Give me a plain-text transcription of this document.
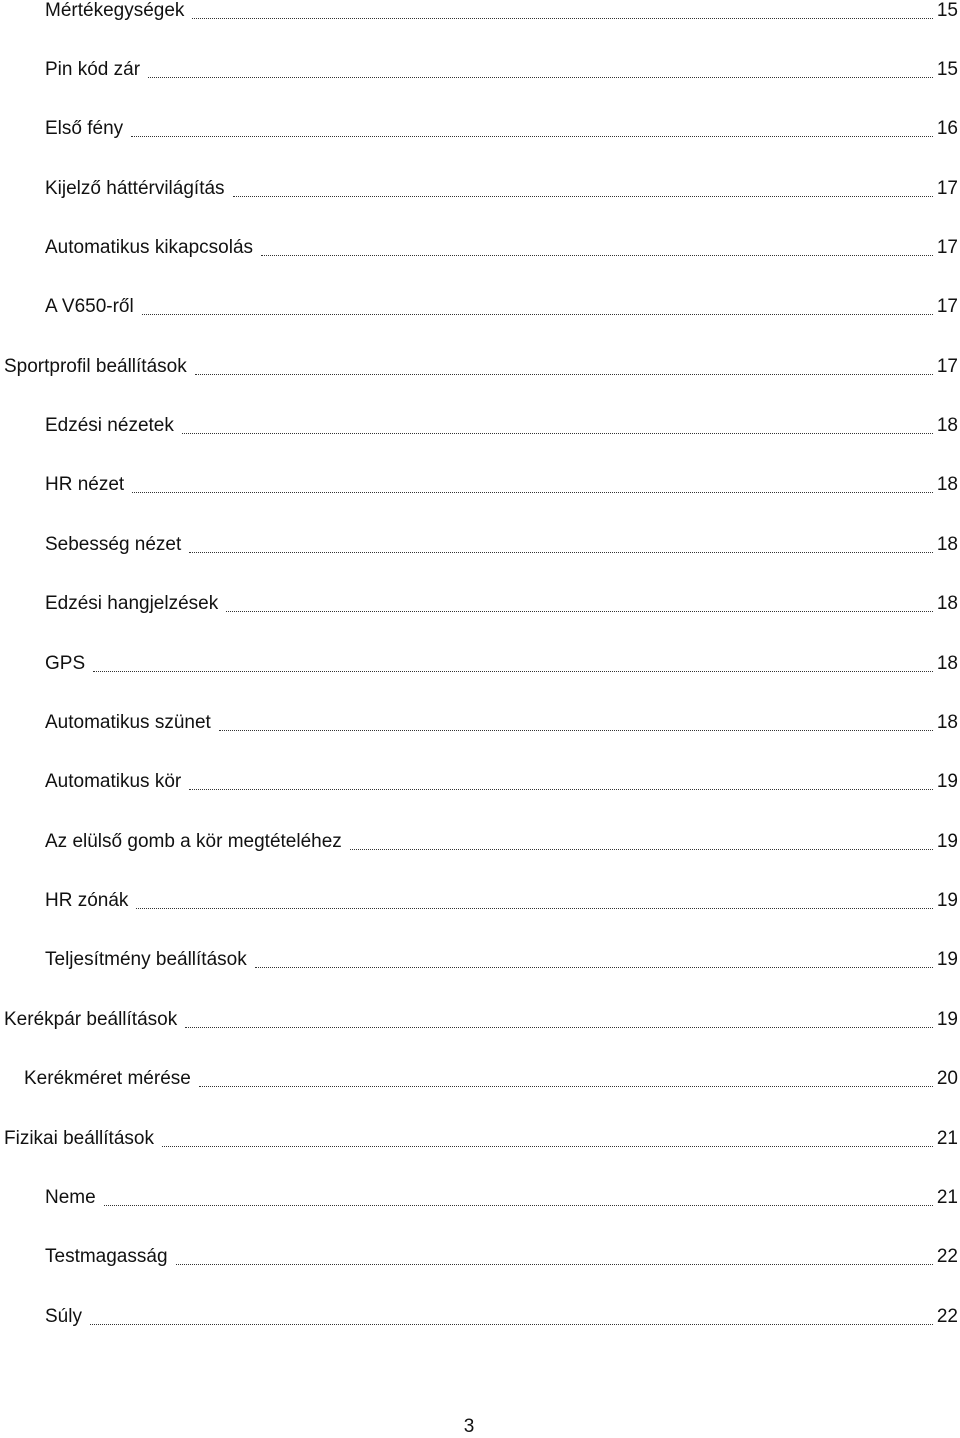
Mértékegységek	15
Pin kód zár	15
Első fény	16
Kijelző háttérvilágítás	17
Automatikus kikapcsolás	17
A V650-ről	17
Sportprofil beállítások	17
Edzési nézetek	18
HR nézet	18
Sebesség nézet	18
Edzési hangjelzések	18
GPS	18
Automatikus szünet	18
Automatikus kör	19
Az elülső gomb a kör megtételéhez	19
HR zónák	19
Teljesítmény beállítások	19
Kerékpár beállítások	19
Kerékméret mérése	20
Fizikai beállítások	21
Neme	21
Testmagasság	22
Súly	22
3
